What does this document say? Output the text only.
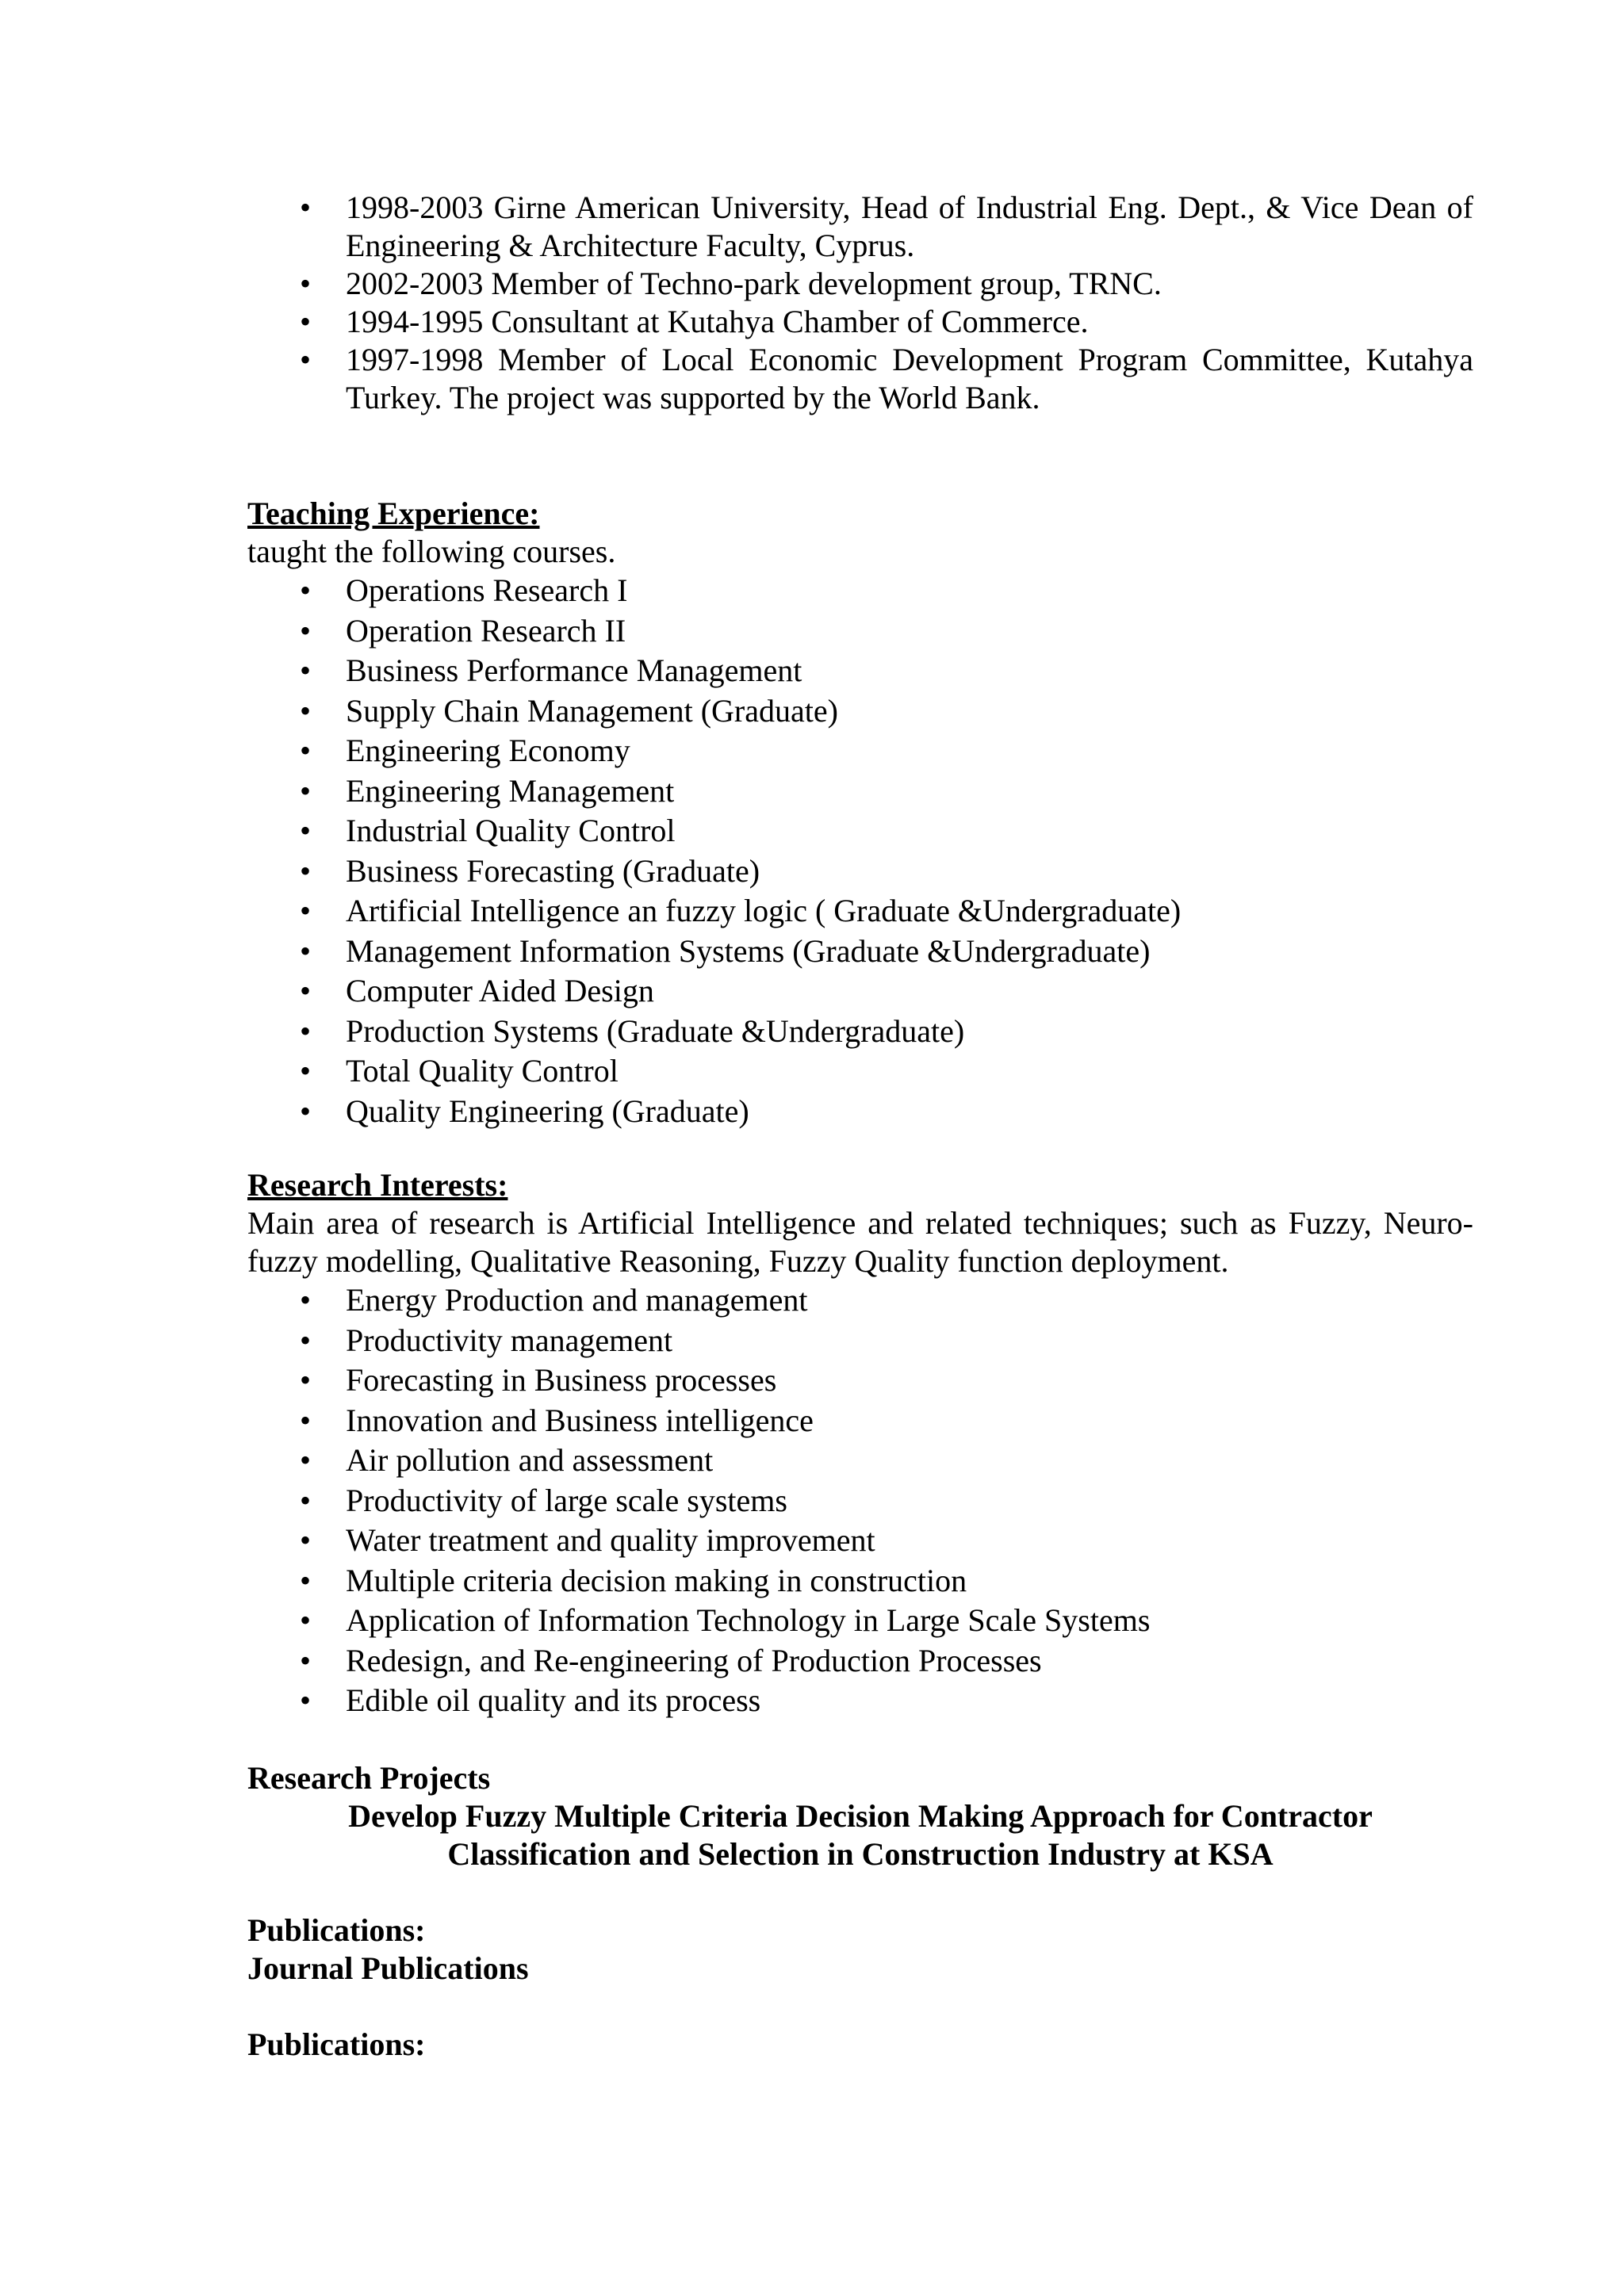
• 1998-2003 Girne American University, Head of Industrial Eng. Dept., & Vice Dean of Engineering & Architecture Faculty, Cyprus.
• 2002-2003 Member of Techno-park development group, TRNC.
• 1994-1995 Consultant at Kutahya Chamber of Commerce.
• 1997-1998 Member of Local Economic Development Program Committee, Kutahya Turkey. The project was supported by the World Bank.

Teaching Experience:

taught the following courses.

• Operations Research I
• Operation Research II
• Business Performance Management
• Supply Chain Management (Graduate)
• Engineering Economy
• Engineering Management
• Industrial Quality Control
• Business Forecasting (Graduate)
• Artificial Intelligence an fuzzy logic ( Graduate &Undergraduate)
• Management Information Systems (Graduate &Undergraduate)
• Computer Aided Design
• Production Systems (Graduate &Undergraduate)
• Total Quality Control
• Quality Engineering (Graduate)

Research Interests:

Main area of research is Artificial Intelligence and related techniques; such as Fuzzy, Neuro-fuzzy modelling, Qualitative Reasoning, Fuzzy Quality function deployment.

• Energy Production and management
• Productivity management
• Forecasting in Business processes
• Innovation and Business intelligence
• Air pollution and assessment
• Productivity of large scale systems
• Water treatment and quality improvement
• Multiple criteria decision making in construction
• Application of Information Technology in Large Scale Systems
• Redesign, and Re-engineering of Production Processes
• Edible oil quality and its process

Research Projects

Develop Fuzzy Multiple Criteria Decision Making Approach for Contractor

Classification and Selection in Construction Industry at KSA

Publications:

Journal Publications

Publications:
